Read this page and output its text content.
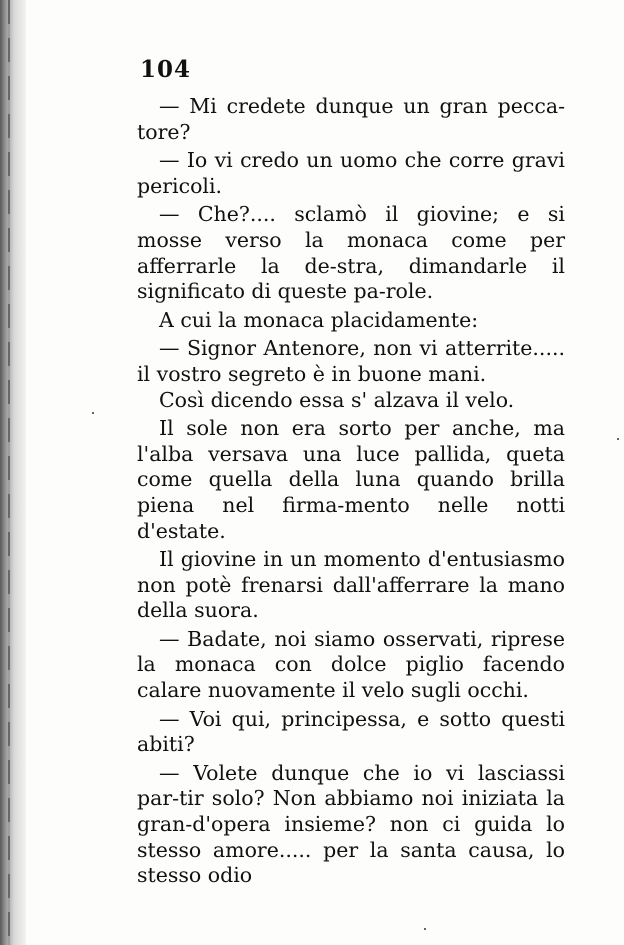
104

— Mi credete dunque un gran pecca-tore?

— Io vi credo un uomo che corre gravi pericoli.

— Che?.... sclamò il giovine; e si mosse verso la monaca come per afferrarle la de-stra, dimandarle il significato di queste pa-role.

A cui la monaca placidamente:

— Signor Antenore, non vi atterrite..... il vostro segreto è in buone mani.

Così dicendo essa s' alzava il velo.

Il sole non era sorto per anche, ma l'alba versava una luce pallida, queta come quella della luna quando brilla piena nel firma-mento nelle notti d'estate.

Il giovine in un momento d'entusiasmo non potè frenarsi dall'afferrare la mano della suora.

— Badate, noi siamo osservati, riprese la monaca con dolce piglio facendo calare nuovamente il velo sugli occhi.

— Voi qui, principessa, e sotto questi abiti?

— Volete dunque che io vi lasciassi par-tir solo? Non abbiamo noi iniziata la gran-d'opera insieme? non ci guida lo stesso amore..... per la santa causa, lo stesso odio
